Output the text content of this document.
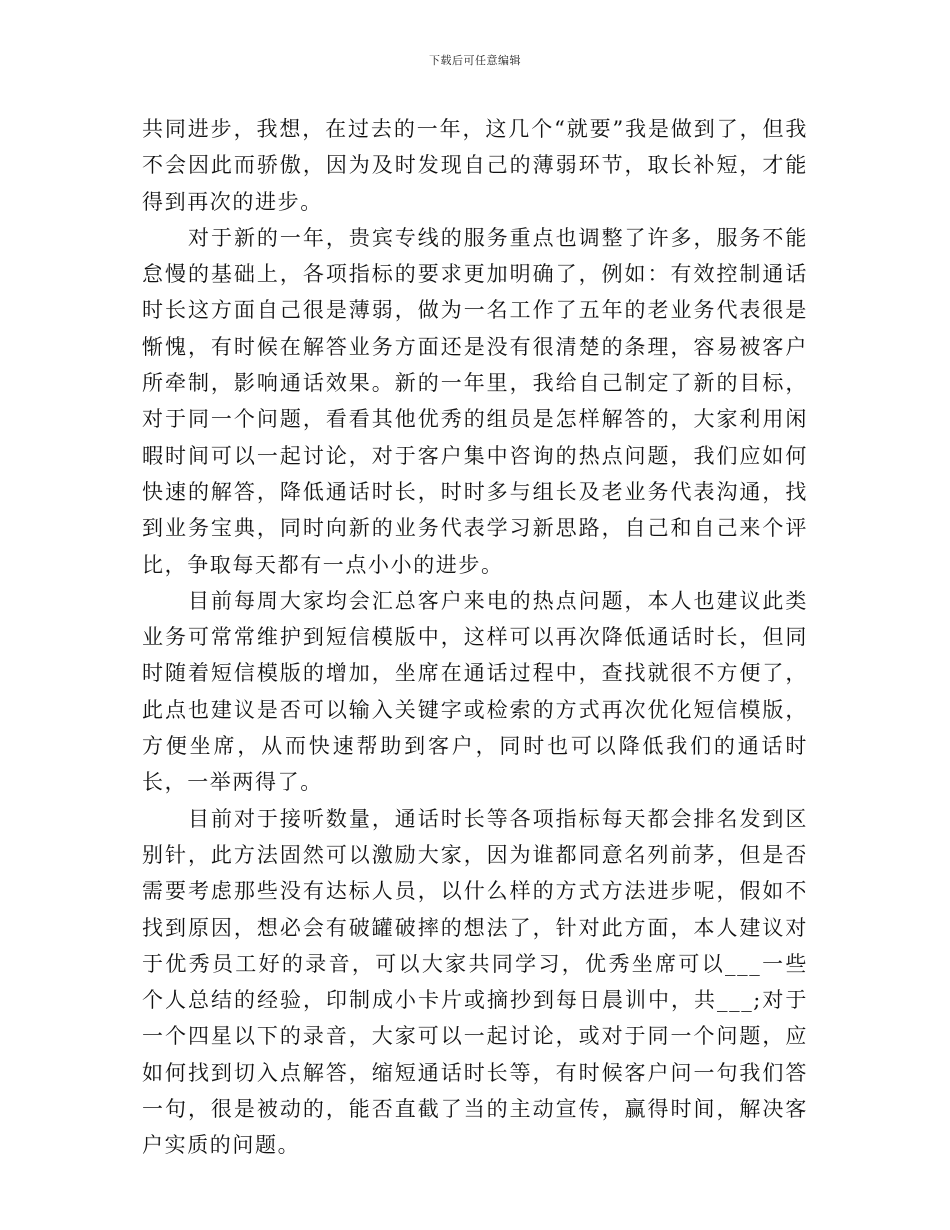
下载后可任意编辑

共同进步，我想，在过去的一年，这几个“就要”我是做到了，但我不会因此而骄傲，因为及时发现自己的薄弱环节，取长补短，才能得到再次的进步。

对于新的一年，贵宾专线的服务重点也调整了许多，服务不能怠慢的基础上，各项指标的要求更加明确了，例如：有效控制通话时长这方面自己很是薄弱，做为一名工作了五年的老业务代表很是惭愧，有时候在解答业务方面还是没有很清楚的条理，容易被客户所牵制，影响通话效果。新的一年里，我给自己制定了新的目标，对于同一个问题，看看其他优秀的组员是怎样解答的，大家利用闲暇时间可以一起讨论，对于客户集中咨询的热点问题，我们应如何快速的解答，降低通话时长，时时多与组长及老业务代表沟通，找到业务宝典，同时向新的业务代表学习新思路，自己和自己来个评比，争取每天都有一点小小的进步。

目前每周大家均会汇总客户来电的热点问题，本人也建议此类业务可常常维护到短信模版中，这样可以再次降低通话时长，但同时随着短信模版的增加，坐席在通话过程中，查找就很不方便了，此点也建议是否可以输入关键字或检索的方式再次优化短信模版，方便坐席，从而快速帮助到客户，同时也可以降低我们的通话时长，一举两得了。

目前对于接听数量，通话时长等各项指标每天都会排名发到区别针，此方法固然可以激励大家，因为谁都同意名列前茅，但是否需要考虑那些没有达标人员，以什么样的方式方法进步呢，假如不找到原因，想必会有破罐破摔的想法了，针对此方面，本人建议对于优秀员工好的录音，可以大家共同学习，优秀坐席可以___一些个人总结的经验，印制成小卡片或摘抄到每日晨训中，共___;对于一个四星以下的录音，大家可以一起讨论，或对于同一个问题，应如何找到切入点解答，缩短通话时长等，有时候客户问一句我们答一句，很是被动的，能否直截了当的主动宣传，赢得时间，解决客户实质的问题。
